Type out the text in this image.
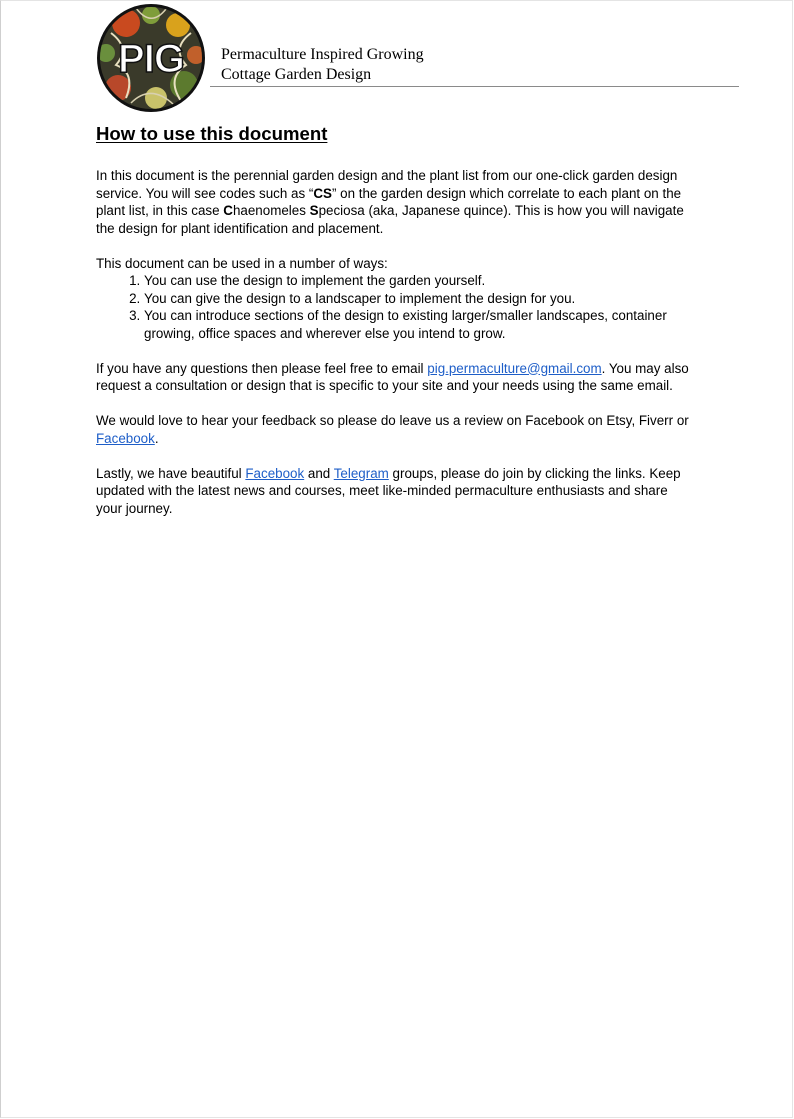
PIG Permaculture Inspired Growing
Cottage Garden Design
How to use this document

In this document is the perennial garden design and the plant list from our one-click garden design service. You will see codes such as “CS” on the garden design which correlate to each plant on the plant list, in this case Chaenomeles Speciosa (aka, Japanese quince). This is how you will navigate the design for plant identification and placement.

This document can be used in a number of ways:
1. You can use the design to implement the garden yourself.
2. You can give the design to a landscaper to implement the design for you.
3. You can introduce sections of the design to existing larger/smaller landscapes, container growing, office spaces and wherever else you intend to grow.

If you have any questions then please feel free to email pig.permaculture@gmail.com. You may also request a consultation or design that is specific to your site and your needs using the same email.

We would love to hear your feedback so please do leave us a review on Facebook on Etsy, Fiverr or Facebook.

Lastly, we have beautiful Facebook and Telegram groups, please do join by clicking the links. Keep updated with the latest news and courses, meet like-minded permaculture enthusiasts and share your journey.
